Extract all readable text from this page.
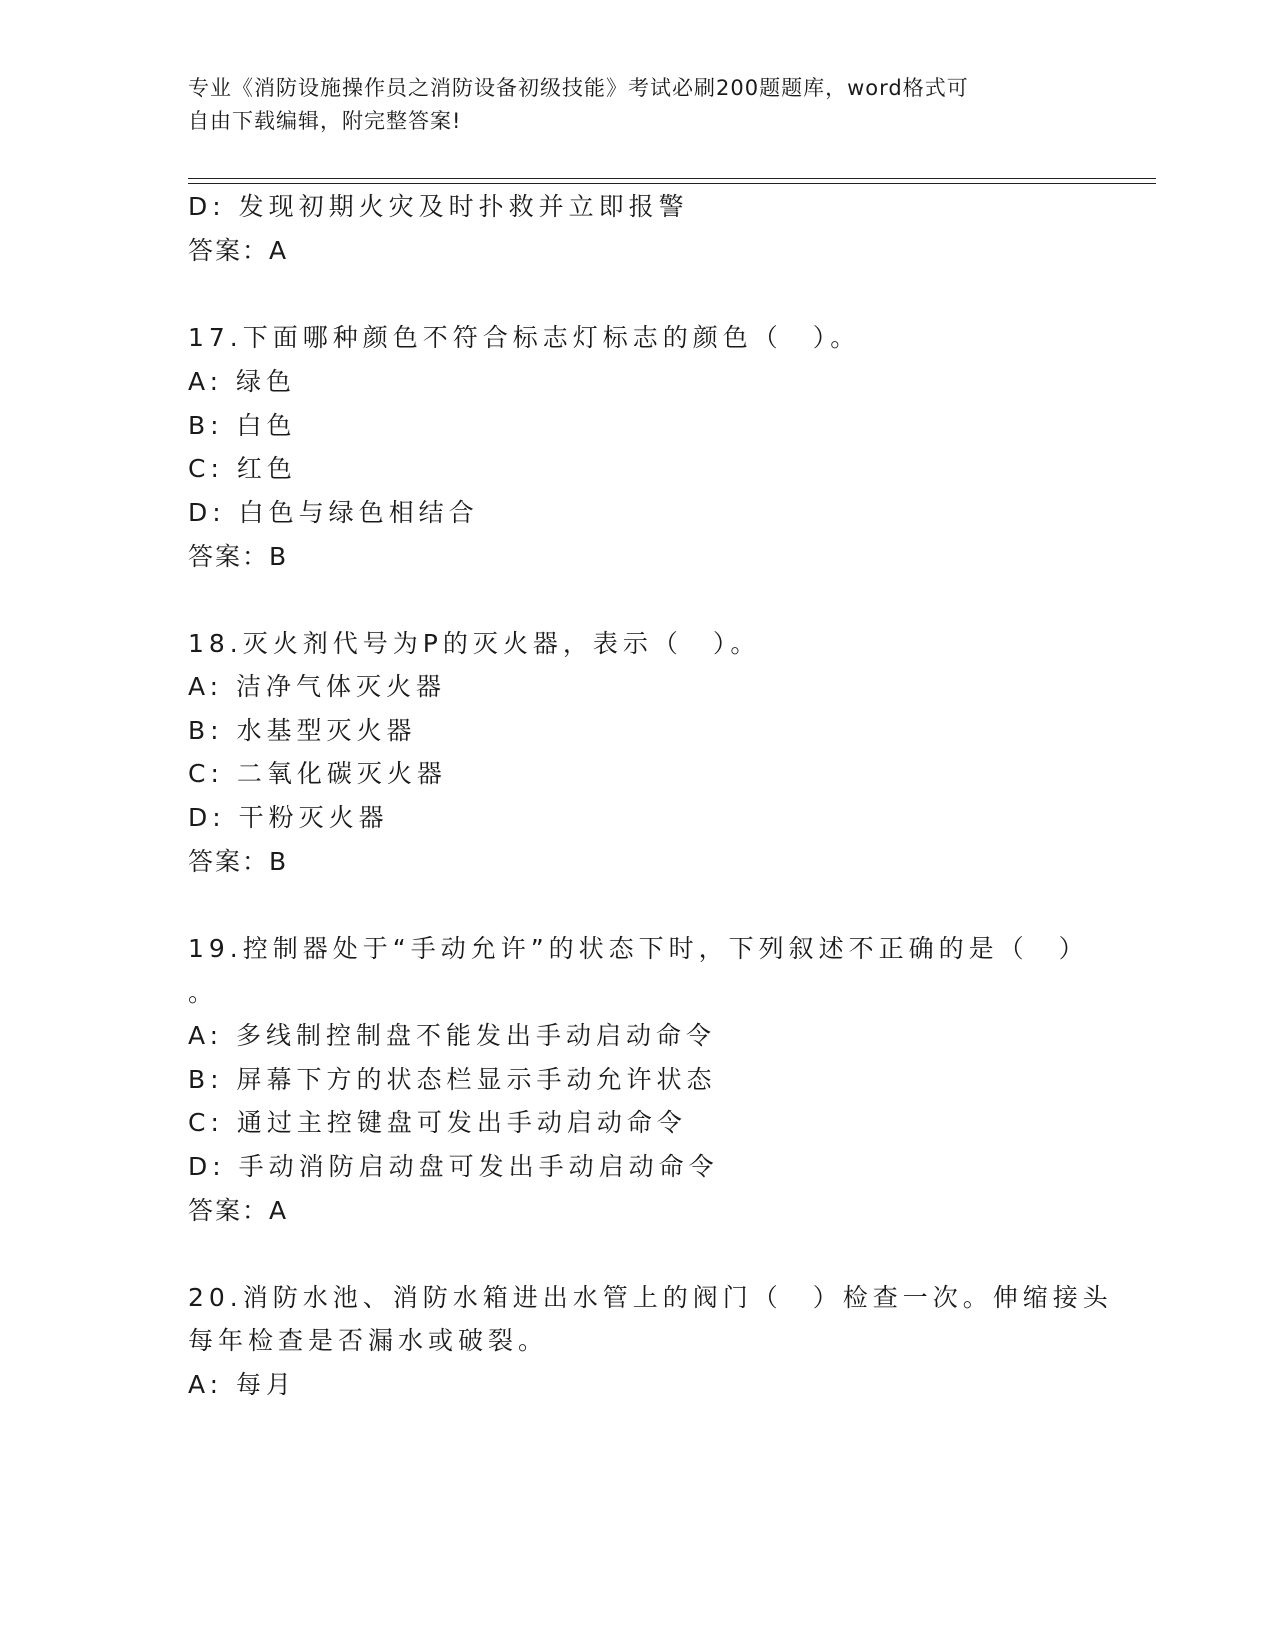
专业《消防设施操作员之消防设备初级技能》考试必刷200题题库，word格式可
自由下载编辑，附完整答案!
D: 发现初期火灾及时扑救并立即报警
答案：A
17.下面哪种颜色不符合标志灯标志的颜色（　）。
A: 绿色
B: 白色
C: 红色
D: 白色与绿色相结合
答案：B
18.灭火剂代号为P的灭火器，表示（　）。
A: 洁净气体灭火器
B: 水基型灭火器
C: 二氧化碳灭火器
D: 干粉灭火器
答案：B
19.控制器处于“手动允许”的状态下时，下列叙述不正确的是（　）
。
A: 多线制控制盘不能发出手动启动命令
B: 屏幕下方的状态栏显示手动允许状态
C: 通过主控键盘可发出手动启动命令
D: 手动消防启动盘可发出手动启动命令
答案：A
20.消防水池、消防水箱进出水管上的阀门（　）检查一次。伸缩接头
每年检查是否漏水或破裂。
A: 每月
